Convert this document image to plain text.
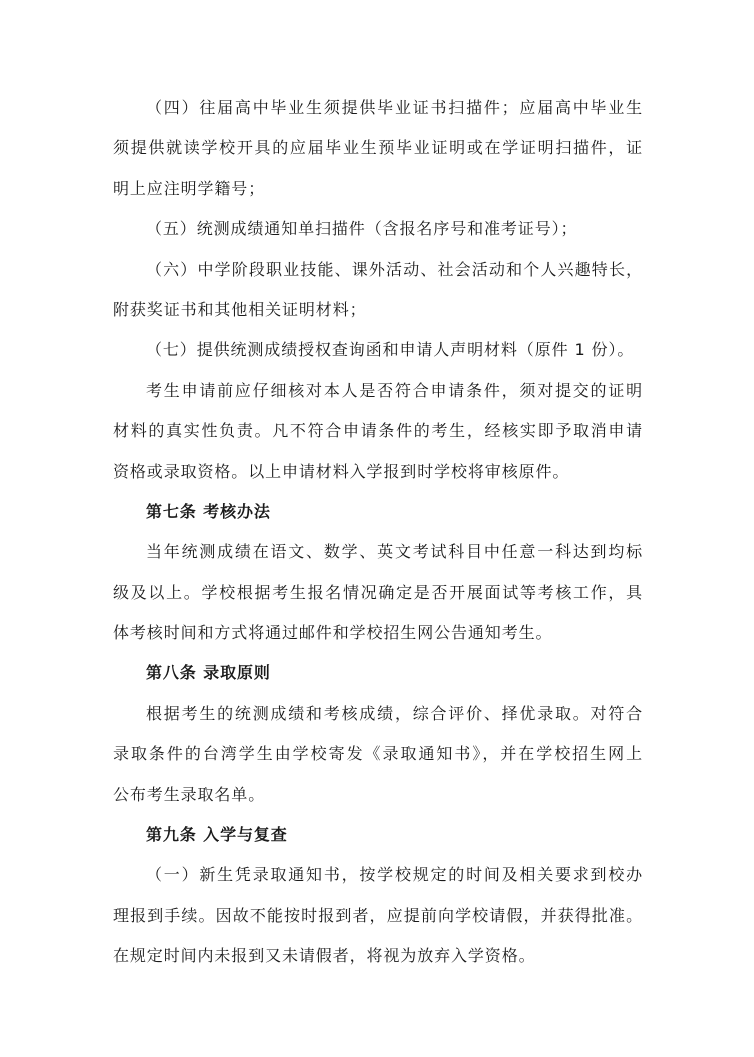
（四）往届高中毕业生须提供毕业证书扫描件；应届高中毕业生
须提供就读学校开具的应届毕业生预毕业证明或在学证明扫描件，证
明上应注明学籍号；
（五）统测成绩通知单扫描件（含报名序号和准考证号）；
（六）中学阶段职业技能、课外活动、社会活动和个人兴趣特长，
附获奖证书和其他相关证明材料；
（七）提供统测成绩授权查询函和申请人声明材料（原件 1 份）。
考生申请前应仔细核对本人是否符合申请条件，须对提交的证明
材料的真实性负责。凡不符合申请条件的考生，经核实即予取消申请
资格或录取资格。以上申请材料入学报到时学校将审核原件。
第七条 考核办法
当年统测成绩在语文、数学、英文考试科目中任意一科达到均标
级及以上。学校根据考生报名情况确定是否开展面试等考核工作，具
体考核时间和方式将通过邮件和学校招生网公告通知考生。
第八条 录取原则
根据考生的统测成绩和考核成绩，综合评价、择优录取。对符合
录取条件的台湾学生由学校寄发《录取通知书》，并在学校招生网上
公布考生录取名单。
第九条 入学与复查
（一）新生凭录取通知书，按学校规定的时间及相关要求到校办
理报到手续。因故不能按时报到者，应提前向学校请假，并获得批准。
在规定时间内未报到又未请假者，将视为放弃入学资格。
